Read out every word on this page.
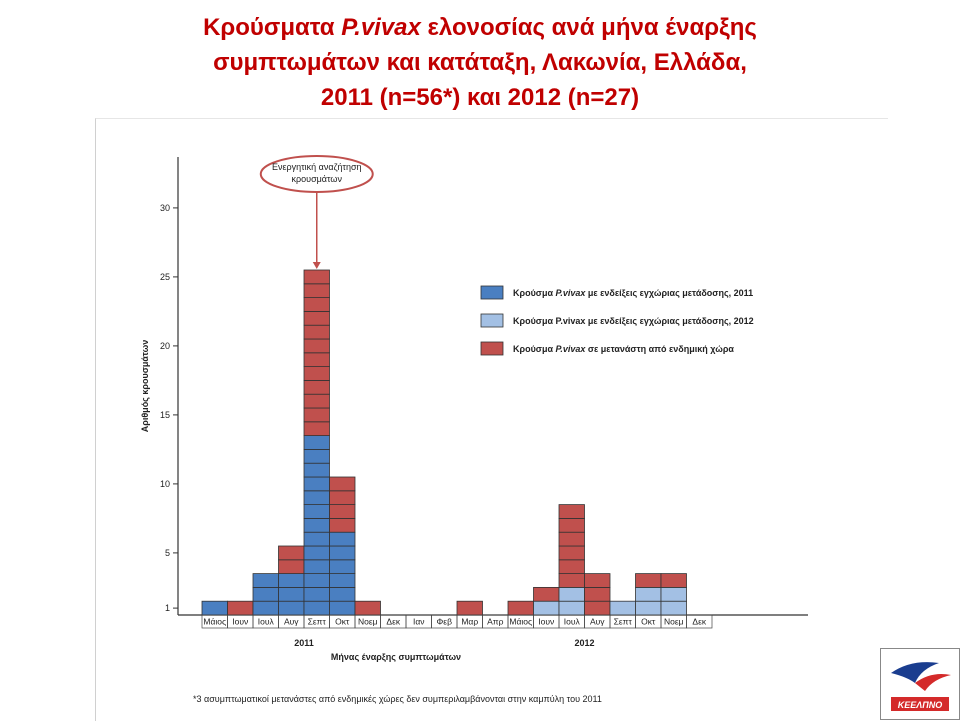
Κρούσματα P.vivax ελονοσίας ανά μήνα έναρξης
συμπτωμάτων και κατάταξη, Λακωνία, Ελλάδα,
2011 (n=56*) και 2012 (n=27)
1
5
10
15
20
25
30
Αριθμός κρουσμάτων
Μάιος Ιουν Ιουλ Αυγ Σεπτ Οκτ Νοεμ Δεκ Ιαν Φεβ Μαρ Απρ Μάιος Ιουν Ιουλ Αυγ Σεπτ Οκτ Νοεμ Δεκ
2011	2012
Μήνας έναρξης συμπτωμάτων
Ενεργητική αναζήτηση
κρουσμάτων
Κρούσμα P.vivax με ενδείξεις εγχώριας μετάδοσης, 2011
Κρούσμα P.vivax με ενδείξεις εγχώριας μετάδοσης, 2012
Κρούσμα P.vivax σε μετανάστη από ενδημική χώρα
*3 ασυμπτωματικοί μετανάστες από ενδημικές χώρες δεν συμπεριλαμβάνονται στην καμπύλη του 2011
ΚΕΕΛΠΝΟ
